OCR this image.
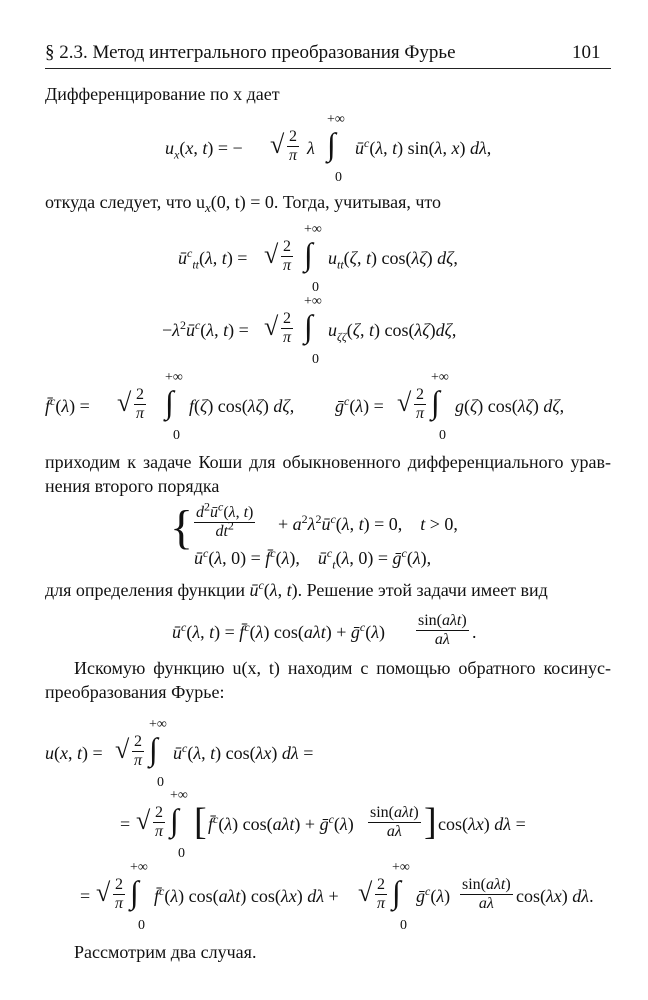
§ 2.3. Метод интегрального преобразования Фурье	101
Дифференцирование по x дает
$u_x(x$, t) = − √ $\frac{2}{\pi}$ λ
+∞
∫
0
$ū^c(\lambda$, t) sin(λ, x) dλ,
откуда следует, что $u_x(0$, t) = 0. Тогда, учитывая, что
$ū^c_{tt}(\lambda$, t) = √ $\frac{2}{\pi}$
+∞
∫
0
$u_{tt}(\zeta$, t) cos(λζ) dζ,
$-\lambda^2ū^c(\lambda$, t) = √ $\frac{2}{\pi}$
+∞
∫
0
$u_{\zeta\zeta}(\zeta$, t) cos(λζ)dζ,
f̄$^c$(λ) = √ $\frac{2}{\pi}$
+∞
∫
0
f(ζ) cos(λζ) dζ, ḡ$^c$(λ) = √ $\frac{2}{\pi}$
+∞
∫
0
g(ζ) cos(λζ) dζ,
приходим к задаче Коши для обыкновенного дифференциального урав-
нения второго порядка
{ $\frac{d^2ū^c(\lambda, t)}{dt^2}$ + $a^2\lambda^2ū^c(\lambda$, t) = 0,    t > 0,
$ū^c(\lambda$, 0) = f̄$^c$(λ),    $ū^c_t(\lambda$, 0) = ḡ$^c$(λ),
для определения функции $ū^c(\lambda$, t). Решение этой задачи имеет вид
$ū^c(\lambda$, t) = f̄$^c$(λ) cos(aλt) + ḡ$^c$(λ)
sin(aλt)
aλ	.
Искомую функцию u(x, t) находим с помощью обратного косинус-
преобразования Фурье:
u(x, t) = √ $\frac{2}{\pi}$
+∞
∫
0
$ū^c(\lambda$, t) cos(λx) dλ =
= √ $\frac{2}{\pi}$
+∞
∫
0
[ f̄$^c$(λ) cos(aλt) + ḡ$^c$(λ)
sin(aλt)
aλ ] cos(λx) dλ =
= √ $\frac{2}{\pi}$
+∞
∫
0
f̄$^c$(λ) cos(aλt) cos(λx) dλ + √ $\frac{2}{\pi}$
+∞
∫
0
ḡ$^c$(λ)
sin(aλt)
aλ	cos(λx) dλ.
Рассмотрим два случая.
